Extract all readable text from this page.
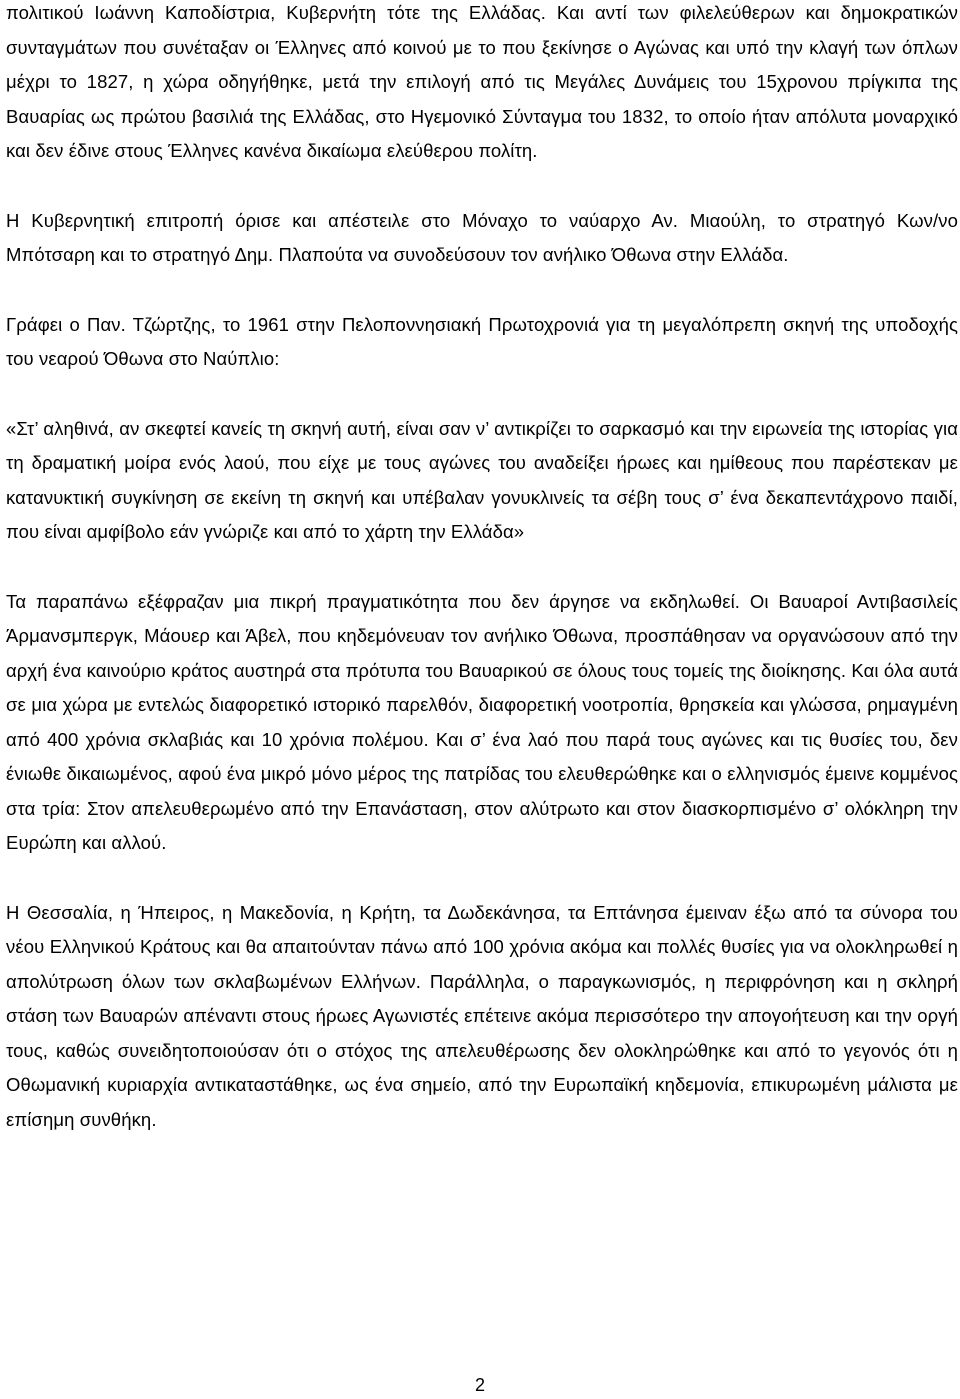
πολιτικού Ιωάννη Καποδίστρια, Κυβερνήτη τότε της Ελλάδας. Και αντί των φιλελεύθερων και δημοκρατικών συνταγμάτων που συνέταξαν οι Έλληνες από κοινού με το που ξεκίνησε ο Αγώνας και υπό την κλαγή των όπλων μέχρι το 1827, η χώρα οδηγήθηκε, μετά την επιλογή από τις Μεγάλες Δυνάμεις του 15χρονου πρίγκιπα της Βαυαρίας ως πρώτου βασιλιά της Ελλάδας, στο Ηγεμονικό Σύνταγμα του 1832, το οποίο ήταν απόλυτα μοναρχικό και δεν έδινε στους Έλληνες κανένα δικαίωμα ελεύθερου πολίτη.

Η Κυβερνητική επιτροπή όρισε και απέστειλε στο Μόναχο το ναύαρχο Αν. Μιαούλη, το στρατηγό Κων/νο Μπότσαρη και το στρατηγό Δημ. Πλαπούτα να συνοδεύσουν τον ανήλικο Όθωνα στην Ελλάδα.

Γράφει ο Παν. Τζώρτζης, το 1961 στην Πελοποννησιακή Πρωτοχρονιά για τη μεγαλόπρεπη σκηνή της υποδοχής του νεαρού Όθωνα στο Ναύπλιο:

«Στ’ αληθινά, αν σκεφτεί κανείς τη σκηνή αυτή, είναι σαν ν’ αντικρίζει το σαρκασμό και την ειρωνεία της ιστορίας για τη δραματική μοίρα ενός λαού, που είχε με τους αγώνες του αναδείξει ήρωες και ημίθεους που παρέστεκαν με κατανυκτική συγκίνηση σε εκείνη τη σκηνή και υπέβαλαν γονυκλινείς τα σέβη τους σ’ ένα δεκαπεντάχρονο παιδί, που είναι αμφίβολο εάν γνώριζε και από το χάρτη την Ελλάδα»

Τα παραπάνω εξέφραζαν μια πικρή πραγματικότητα που δεν άργησε να εκδηλωθεί. Οι Βαυαροί Αντιβασιλείς Άρμανσμπεργκ, Μάουερ και Άβελ, που κηδεμόνευαν τον ανήλικο Όθωνα, προσπάθησαν να οργανώσουν από την αρχή ένα καινούριο κράτος αυστηρά στα πρότυπα του Βαυαρικού σε όλους τους τομείς της διοίκησης. Και όλα αυτά σε μια χώρα με εντελώς διαφορετικό ιστορικό παρελθόν, διαφορετική νοοτροπία, θρησκεία και γλώσσα, ρημαγμένη από 400 χρόνια σκλαβιάς και 10 χρόνια πολέμου. Και σ’ ένα λαό που παρά τους αγώνες και τις θυσίες του, δεν ένιωθε δικαιωμένος, αφού ένα μικρό μόνο μέρος της πατρίδας του ελευθερώθηκε και ο ελληνισμός έμεινε κομμένος στα τρία: Στον απελευθερωμένο από την Επανάσταση, στον αλύτρωτο και στον διασκορπισμένο σ’ ολόκληρη την Ευρώπη και αλλού.

Η Θεσσαλία, η Ήπειρος, η Μακεδονία, η Κρήτη, τα Δωδεκάνησα, τα Επτάνησα έμειναν έξω από τα σύνορα του νέου Ελληνικού Κράτους και θα απαιτούνταν πάνω από 100 χρόνια ακόμα και πολλές θυσίες για να ολοκληρωθεί η απολύτρωση όλων των σκλαβωμένων Ελλήνων. Παράλληλα, ο παραγκωνισμός, η περιφρόνηση και η σκληρή στάση των Βαυαρών απέναντι στους ήρωες Αγωνιστές επέτεινε ακόμα περισσότερο την απογοήτευση και την οργή τους, καθώς συνειδητοποιούσαν ότι ο στόχος της απελευθέρωσης δεν ολοκληρώθηκε και από το γεγονός ότι η Οθωμανική κυριαρχία αντικαταστάθηκε, ως ένα σημείο, από την Ευρωπαϊκή κηδεμονία, επικυρωμένη μάλιστα με επίσημη συνθήκη.

2
